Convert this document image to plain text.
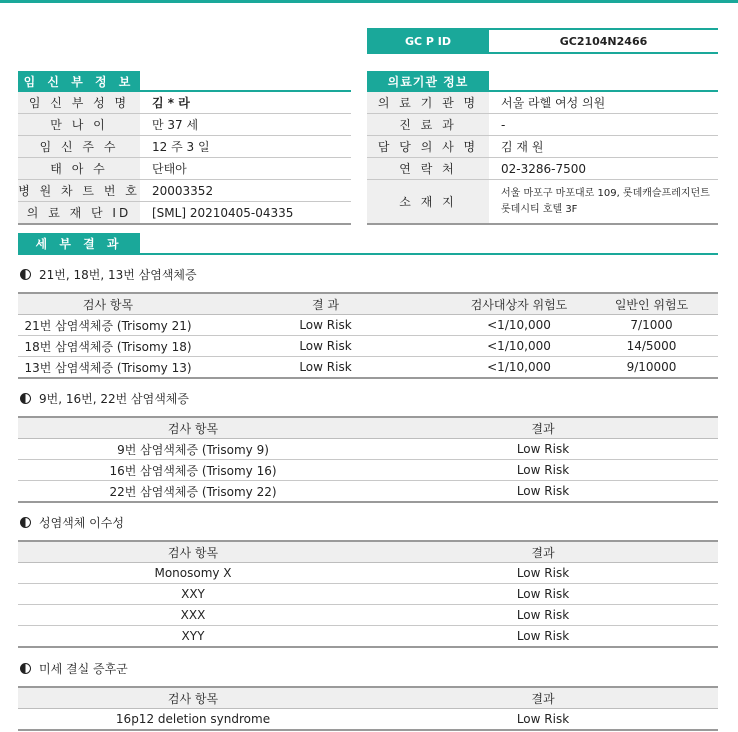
GC P ID	GC2104N2466
임 신 부 정 보
임 신 부 성 명	김 * 라
만 나 이	만 37 세
임 신 주 수	12 주 3 일
태 아 수	단태아
병 원 차 트 번 호	20003352
의 료 재 단 ID	[SML] 20210405-04335
의료기관 정보
의 료 기 관 명	서울 라헬 여성 의원
진 료 과	-
담 당 의 사 명	김 재 원
연 락 처	02-3286-7500
소 재 지	서울 마포구 마포대로 109, 롯데캐슬프레지던트 롯데시티 호텔 3F
세 부 결 과
21번, 18번, 13번 삼염색체증
검사 항목	결 과	검사대상자 위험도	일반인 위험도
21번 삼염색체증 (Trisomy 21)	Low Risk	<1/10,000	7/1000
18번 삼염색체증 (Trisomy 18)	Low Risk	<1/10,000	14/5000
13번 삼염색체증 (Trisomy 13)	Low Risk	<1/10,000	9/10000
9번, 16번, 22번 삼염색체증
검사 항목	결과
9번 삼염색체증 (Trisomy 9)	Low Risk
16번 삼염색체증 (Trisomy 16)	Low Risk
22번 삼염색체증 (Trisomy 22)	Low Risk
성염색체 이수성
검사 항목	결과
Monosomy X	Low Risk
XXY	Low Risk
XXX	Low Risk
XYY	Low Risk
미세 결실 증후군
검사 항목	결과
16p12 deletion syndrome	Low Risk
